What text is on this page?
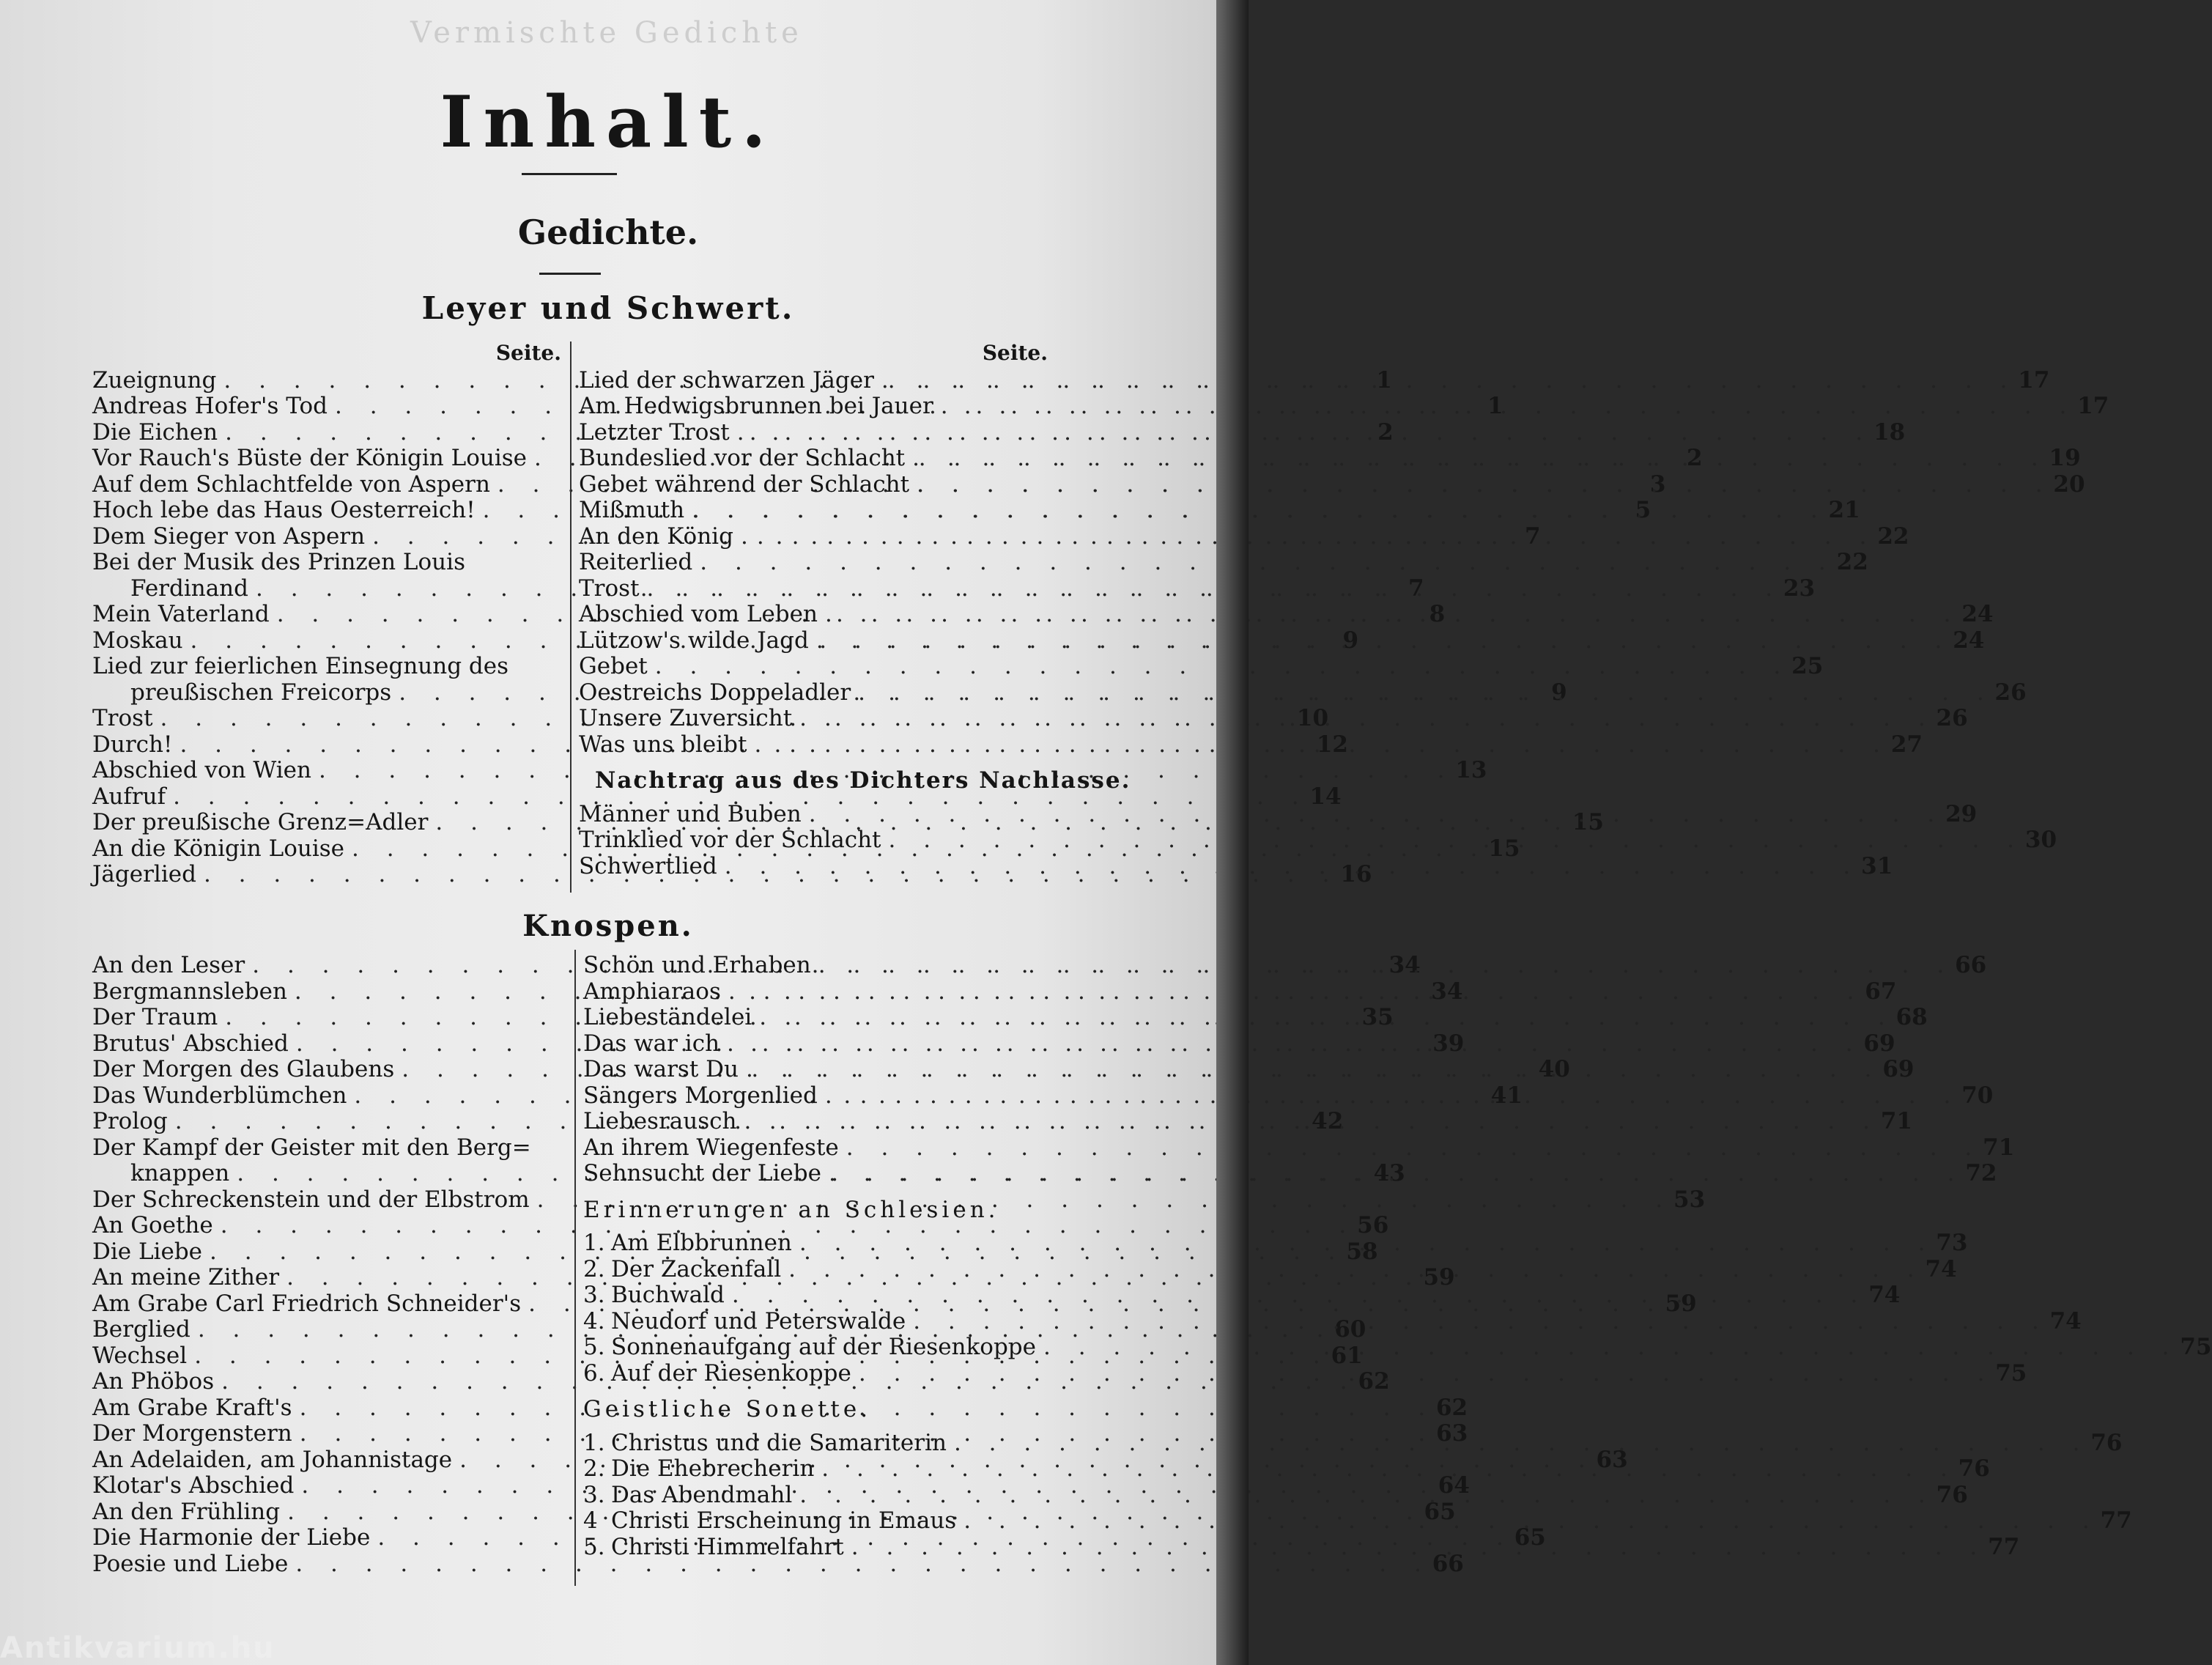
Vermischte Gedichte
Inhalt.
Gedichte.
Leyer und Schwert.
Seite.
Zueignung . . .	1
Andreas Hofer's Tod . . .	1
Die Eichen . . .	2
Vor Rauch's Büste der Königin Louise . . .	2
Auf dem Schlachtfelde von Aspern . . .	3
Hoch lebe das Haus Oesterreich! . . .	5
Dem Sieger von Aspern . . .	7
Bei der Musik des Prinzen Louis
Ferdinand . . .	7
Mein Vaterland . . .	8
Moskau . . .	9
Lied zur feierlichen Einsegnung des
preußischen Freicorps . . .	9
Trost . . .	10
Durch! . . .	12
Abschied von Wien . . .	13
Aufruf . . .	14
Der preußische Grenz=Adler . . .	15
An die Königin Louise . . .	15
Jägerlied . . .	16
Seite.
Lied der schwarzen Jäger . . .	17
Am Hedwigsbrunnen bei Jauer . . .	17
Letzter Trost . . .	18
Bundeslied vor der Schlacht . . .	19
Gebet während der Schlacht . . .	20
Mißmuth . . .	21
An den König . . .	22
Reiterlied . . .	22
Trost . . .	23
Abschied vom Leben . . .	24
Lützow's wilde Jagd . . .	24
Gebet . . .	25
Oestreichs Doppeladler . . .	26
Unsere Zuversicht . . .	26
Was uns bleibt . . .	27
Nachtrag aus des Dichters Nachlasse.
Männer und Buben . . .	29
Trinklied vor der Schlacht . . .	30
Schwertlied . . .	31
Knospen.
An den Leser . . .	34
Bergmannsleben . . .	34
Der Traum . . .	35
Brutus' Abschied . . .	39
Der Morgen des Glaubens . . .	40
Das Wunderblümchen . . .	41
Prolog . . .	42
Der Kampf der Geister mit den Berg=
knappen . . .	43
Der Schreckenstein und der Elbstrom . . .	53
An Goethe . . .	56
Die Liebe . . .	58
An meine Zither . . .	59
Am Grabe Carl Friedrich Schneider's . . .	59
Berglied . . .	60
Wechsel . . .	61
An Phöbos . . .	62
Am Grabe Kraft's . . .	62
Der Morgenstern . . .	63
An Adelaiden, am Johannistage . . .	63
Klotar's Abschied . . .	64
An den Frühling . . .	65
Die Harmonie der Liebe . . .	65
Poesie und Liebe . . .	66
Schön und Erhaben . . .	66
Amphiaraos . . .	67
Liebeständelei . . .	68
Das war ich . . .	69
Das warst Du . . .	69
Sängers Morgenlied . . .	70
Liebesrausch . . .	71
An ihrem Wiegenfeste . . .	71
Sehnsucht der Liebe . . .	72
Erinnerungen an Schlesien.
1. Am Elbbrunnen . . .	73
2. Der Zackenfall . . .	74
3. Buchwald . . .	74
4. Neudorf und Peterswalde . . .	74
5. Sonnenaufgang auf der Riesenkoppe . . .	75
6. Auf der Riesenkoppe . . .	75
Geistliche Sonette.
1. Christus und die Samariterin . . .	76
2. Die Ehebrecherin . . .	76
3. Das Abendmahl . . .	76
4 Christi Erscheinung in Emaus . . .	77
5. Christi Himmelfahrt . . .	77
Antikvarium.hu
